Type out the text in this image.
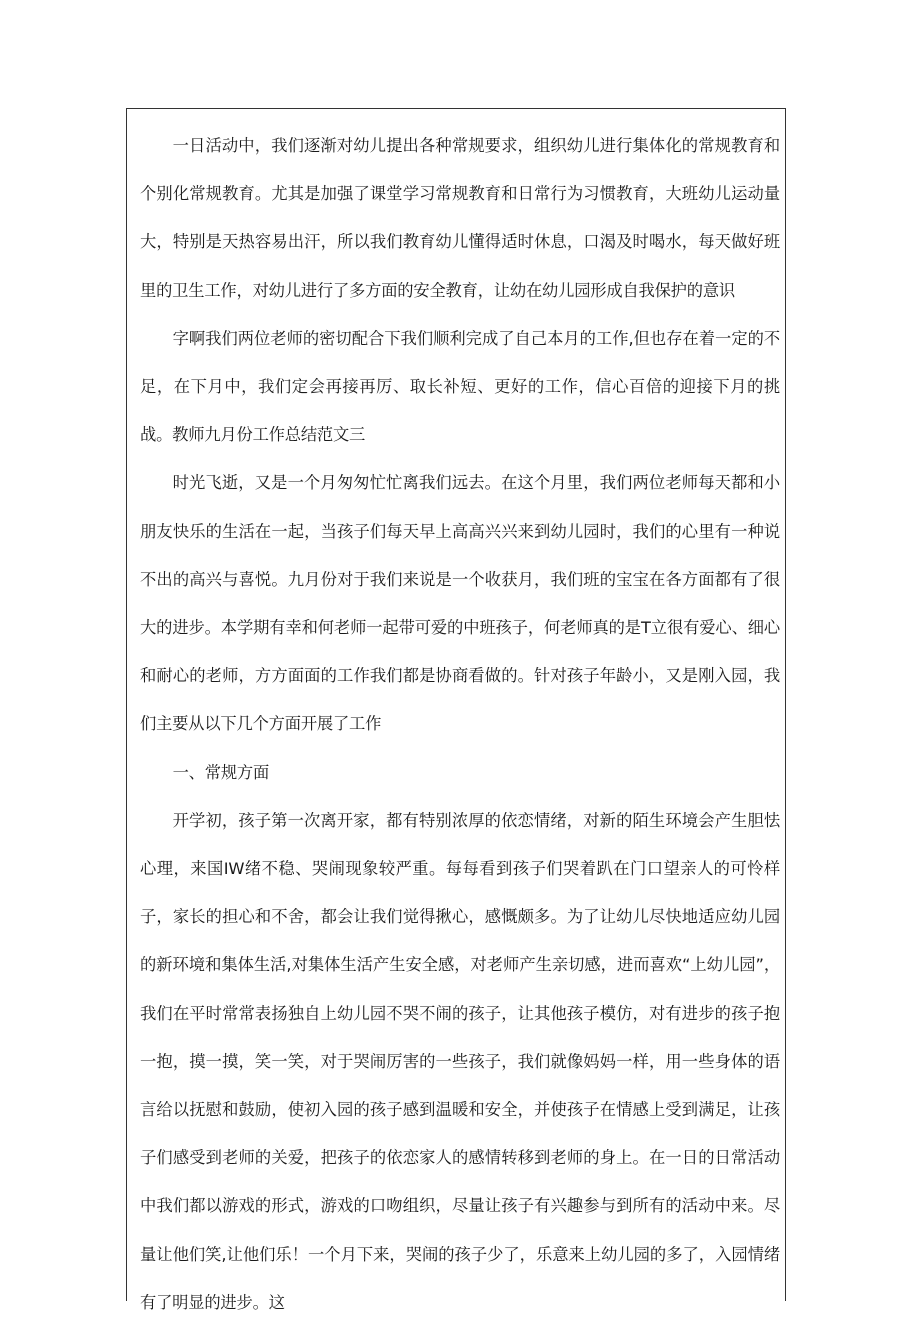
一日活动中，我们逐渐对幼儿提出各种常规要求，组织幼儿进行集体化的常规教育和个别化常规教育。尤其是加强了课堂学习常规教育和日常行为习惯教育，大班幼儿运动量大，特别是天热容易出汗，所以我们教育幼儿懂得适时休息，口渴及时喝水，每天做好班里的卫生工作，对幼儿进行了多方面的安全教育，让幼在幼儿园形成自我保护的意识

字啊我们两位老师的密切配合下我们顺利完成了自己本月的工作,但也存在着一定的不足，在下月中，我们定会再接再厉、取长补短、更好的工作，信心百倍的迎接下月的挑战。教师九月份工作总结范文三

时光飞逝，又是一个月匆匆忙忙离我们远去。在这个月里，我们两位老师每天都和小朋友快乐的生活在一起，当孩子们每天早上高高兴兴来到幼儿园时，我们的心里有一种说不出的高兴与喜悦。九月份对于我们来说是一个收获月，我们班的宝宝在各方面都有了很大的进步。本学期有幸和何老师一起带可爱的中班孩子，何老师真的是T立很有爱心、细心和耐心的老师，方方面面的工作我们都是协商看做的。针对孩子年龄小，又是刚入园，我们主要从以下几个方面开展了工作

一、常规方面

开学初，孩子第一次离开家，都有特别浓厚的依恋情绪，对新的陌生环境会产生胆怯心理，来国IW绪不稳、哭闹现象较严重。每每看到孩子们哭着趴在门口望亲人的可怜样子，家长的担心和不舍，都会让我们觉得揪心，感慨颇多。为了让幼儿尽快地适应幼儿园的新环境和集体生活,对集体生活产生安全感，对老师产生亲切感，进而喜欢“上幼儿园”，我们在平时常常表扬独自上幼儿园不哭不闹的孩子，让其他孩子模仿，对有进步的孩子抱一抱，摸一摸，笑一笑，对于哭闹厉害的一些孩子，我们就像妈妈一样，用一些身体的语言给以抚慰和鼓励，使初入园的孩子感到温暖和安全，并使孩子在情感上受到满足，让孩子们感受到老师的关爱，把孩子的依恋家人的感情转移到老师的身上。在一日的日常活动中我们都以游戏的形式，游戏的口吻组织，尽量让孩子有兴趣参与到所有的活动中来。尽量让他们笑,让他们乐！一个月下来，哭闹的孩子少了，乐意来上幼儿园的多了，入园情绪有了明显的进步。这
